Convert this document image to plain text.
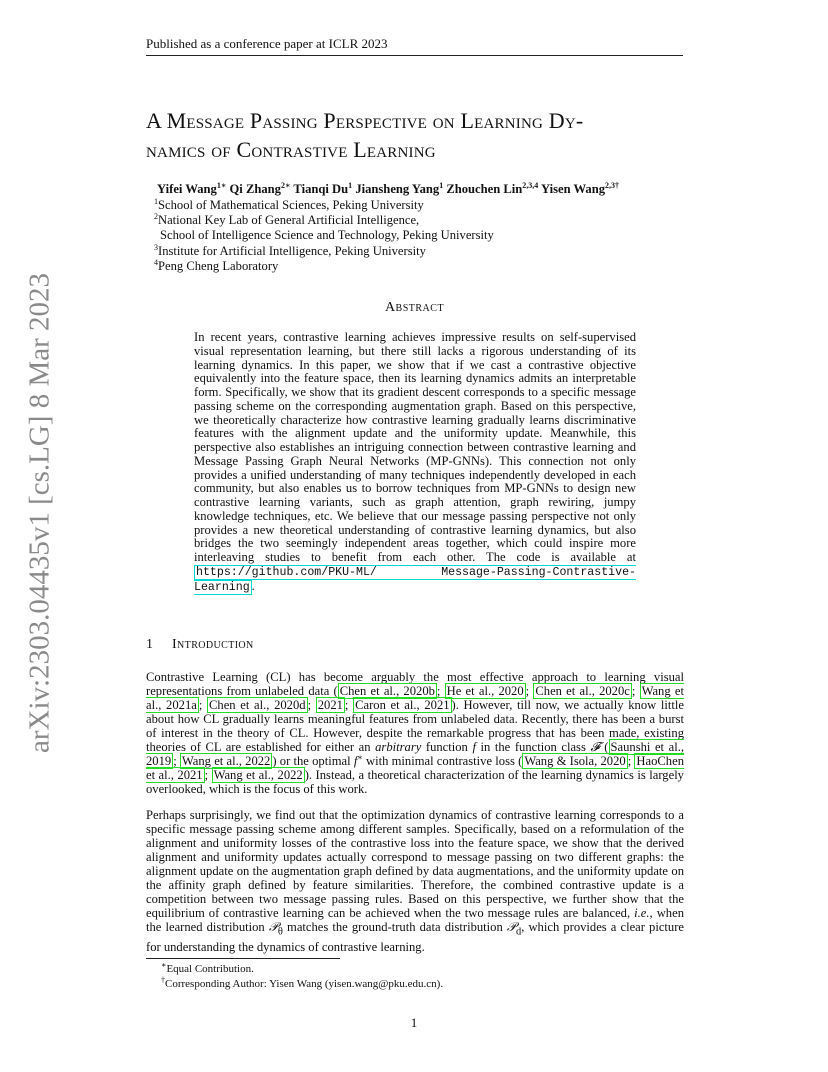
arXiv:2303.04435v1 [cs.LG] 8 Mar 2023
Published as a conference paper at ICLR 2023
A Message Passing Perspective on Learning Dy-
namics of Contrastive Learning
Yifei Wang$^{1∗}$ Qi Zhang$^{2∗}$ Tianqi Du$^1$ Jiansheng Yang$^1$ Zhouchen Lin$^{2,3,4}$ Yisen Wang$^{2,3\dagger}$
$^1$School of Mathematical Sciences, Peking University
$^2$National Key Lab of General Artificial Intelligence,
School of Intelligence Science and Technology, Peking University
$^3$Institute for Artificial Intelligence, Peking University
$^4$Peng Cheng Laboratory
Abstract
In recent years, contrastive learning achieves impressive results on self-supervised visual representation learning, but there still lacks a rigorous understanding of its learning dynamics. In this paper, we show that if we cast a contrastive objective equivalently into the feature space, then its learning dynamics admits an interpretable form. Specifically, we show that its gradient descent corresponds to a specific message passing scheme on the corresponding augmentation graph. Based on this perspective, we theoretically characterize how contrastive learning gradually learns discriminative features with the alignment update and the uniformity update. Meanwhile, this perspective also establishes an intriguing connection between contrastive learning and Message Passing Graph Neural Networks (MP-GNNs). This connection not only provides a unified understanding of many techniques independently developed in each community, but also enables us to borrow techniques from MP-GNNs to design new contrastive learning variants, such as graph attention, graph rewiring, jumpy knowledge techniques, etc. We believe that our message passing perspective not only provides a new theoretical understanding of contrastive learning dynamics, but also bridges the two seemingly independent areas together, which could inspire more interleaving studies to benefit from each other. The code is available at https://github.com/PKU-ML/	Message-Passing-Contrastive-Learning .
1 Introduction
Contrastive Learning (CL) has become arguably the most effective approach to learning visual representations from unlabeled data ( Chen et al., 2020b ; He et al., 2020 ; Chen et al., 2020c ; Wang et al., 2021a ; Chen et al., 2020d ; 2021 ; Caron et al., 2021 ). However, till now, we actually know little about how CL gradually learns meaningful features from unlabeled data. Recently, there has been a burst of interest in the theory of CL. However, despite the remarkable progress that has been made, existing theories of CL are established for either an arbitrary function f in the function class 𝓕 ( Saunshi et al., 2019 ; Wang et al., 2022 ) or the optimal f∗ with minimal contrastive loss ( Wang & Isola, 2020 ; HaoChen et al., 2021 ; Wang et al., 2022 ). Instead, a theoretical characterization of the learning dynamics is largely overlooked, which is the focus of this work.
Perhaps surprisingly, we find out that the optimization dynamics of contrastive learning corresponds to a specific message passing scheme among different samples. Specifically, based on a reformulation of the alignment and uniformity losses of the contrastive loss into the feature space, we show that the derived alignment and uniformity updates actually correspond to message passing on two different graphs: the alignment update on the augmentation graph defined by data augmentations, and the uniformity update on the affinity graph defined by feature similarities. Therefore, the combined contrastive update is a competition between two message passing rules. Based on this perspective, we further show that the equilibrium of contrastive learning can be achieved when the two message rules are balanced, i.e., when the learned distribution 𝒫$_\theta$ matches the ground-truth data distribution 𝒫$_d$, which provides a clear picture for understanding the dynamics of contrastive learning.
∗Equal Contribution.
†Corresponding Author: Yisen Wang (yisen.wang@pku.edu.cn).
1
